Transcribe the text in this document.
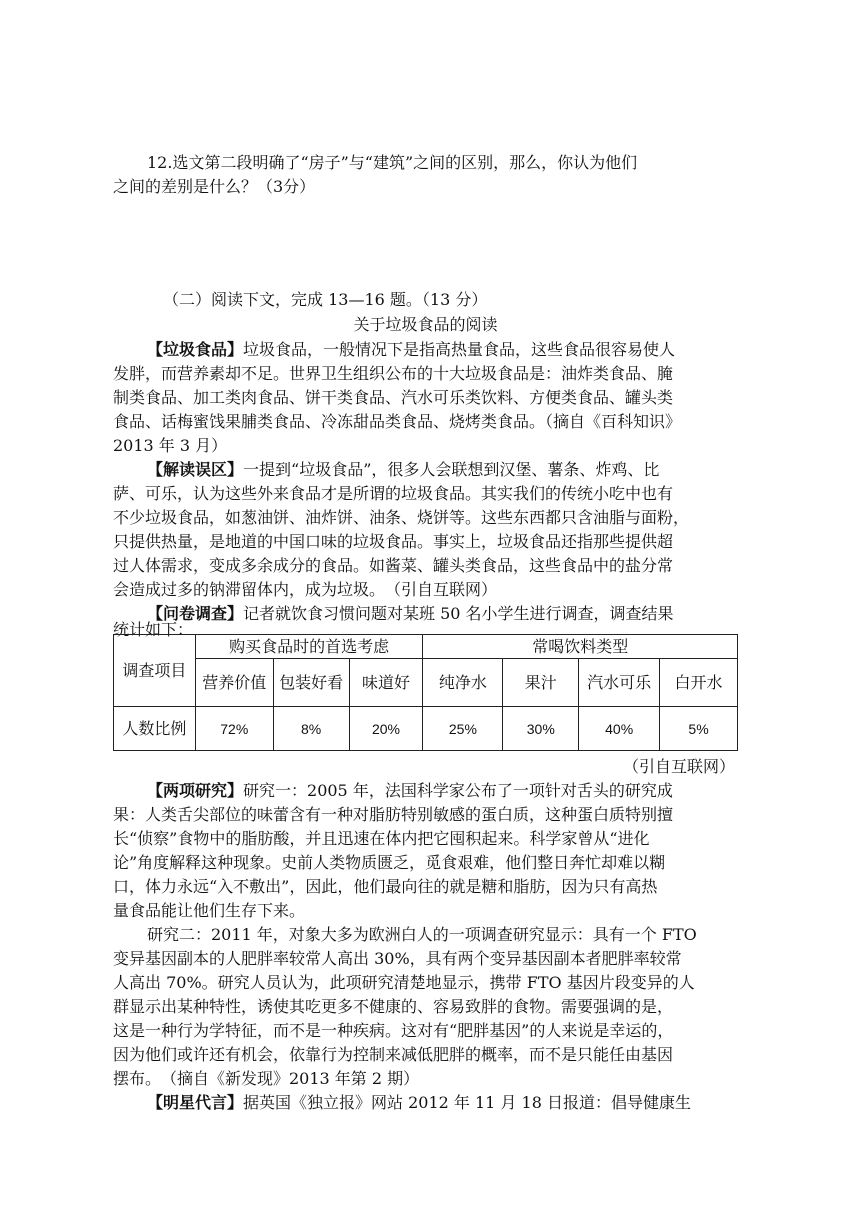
12.选文第二段明确了“房子”与“建筑”之间的区别，那么，你认为他们
之间的差别是什么？（3分）
（二）阅读下文，完成 13—16 题。（13 分）
关于垃圾食品的阅读
【垃圾食品】垃圾食品，一般情况下是指高热量食品，这些食品很容易使人
发胖，而营养素却不足。世界卫生组织公布的十大垃圾食品是：油炸类食品、腌
制类食品、加工类肉食品、饼干类食品、汽水可乐类饮料、方便类食品、罐头类
食品、话梅蜜饯果脯类食品、冷冻甜品类食品、烧烤类食品。（摘自《百科知识》
2013 年 3 月）
【解读误区】一提到“垃圾食品”，很多人会联想到汉堡、薯条、炸鸡、比
萨、可乐，认为这些外来食品才是所谓的垃圾食品。其实我们的传统小吃中也有
不少垃圾食品，如葱油饼、油炸饼、油条、烧饼等。这些东西都只含油脂与面粉，
只提供热量，是地道的中国口味的垃圾食品。事实上，垃圾食品还指那些提供超
过人体需求，变成多余成分的食品。如酱菜、罐头类食品，这些食品中的盐分常
会造成过多的钠滞留体内，成为垃圾。　（引自互联网）
【问卷调查】记者就饮食习惯问题对某班 50 名小学生进行调查，调查结果
统计如下：
调查项目	购买食品时的首选考虑			常喝饮料类型			
	营养价值	包装好看	味道好	纯净水	果汁	汽水可乐	白开水
人数比例	72%	8%	20%	25%	30%	40%	5%
（引自互联网）
【两项研究】研究一：2005 年，法国科学家公布了一项针对舌头的研究成
果：人类舌尖部位的味蕾含有一种对脂肪特别敏感的蛋白质，这种蛋白质特别擅
长“侦察”食物中的脂肪酸，并且迅速在体内把它囤积起来。科学家曾从“进化
论”角度解释这种现象。史前人类物质匮乏，觅食艰难，他们整日奔忙却难以糊
口，体力永远“入不敷出”，因此，他们最向往的就是糖和脂肪，因为只有高热
量食品能让他们生存下来。
研究二：2011 年，对象大多为欧洲白人的一项调查研究显示：具有一个 FTO
变异基因副本的人肥胖率较常人高出 30%，具有两个变异基因副本者肥胖率较常
人高出 70%。研究人员认为，此项研究清楚地显示，携带 FTO 基因片段变异的人
群显示出某种特性，诱使其吃更多不健康的、容易致胖的食物。需要强调的是，
这是一种行为学特征，而不是一种疾病。这对有“肥胖基因”的人来说是幸运的，
因为他们或许还有机会，依靠行为控制来减低肥胖的概率，而不是只能任由基因
摆布。　（摘自《新发现》2013 年第 2 期）
【明星代言】据英国《独立报》网站 2012 年 11 月 18 日报道：倡导健康生
